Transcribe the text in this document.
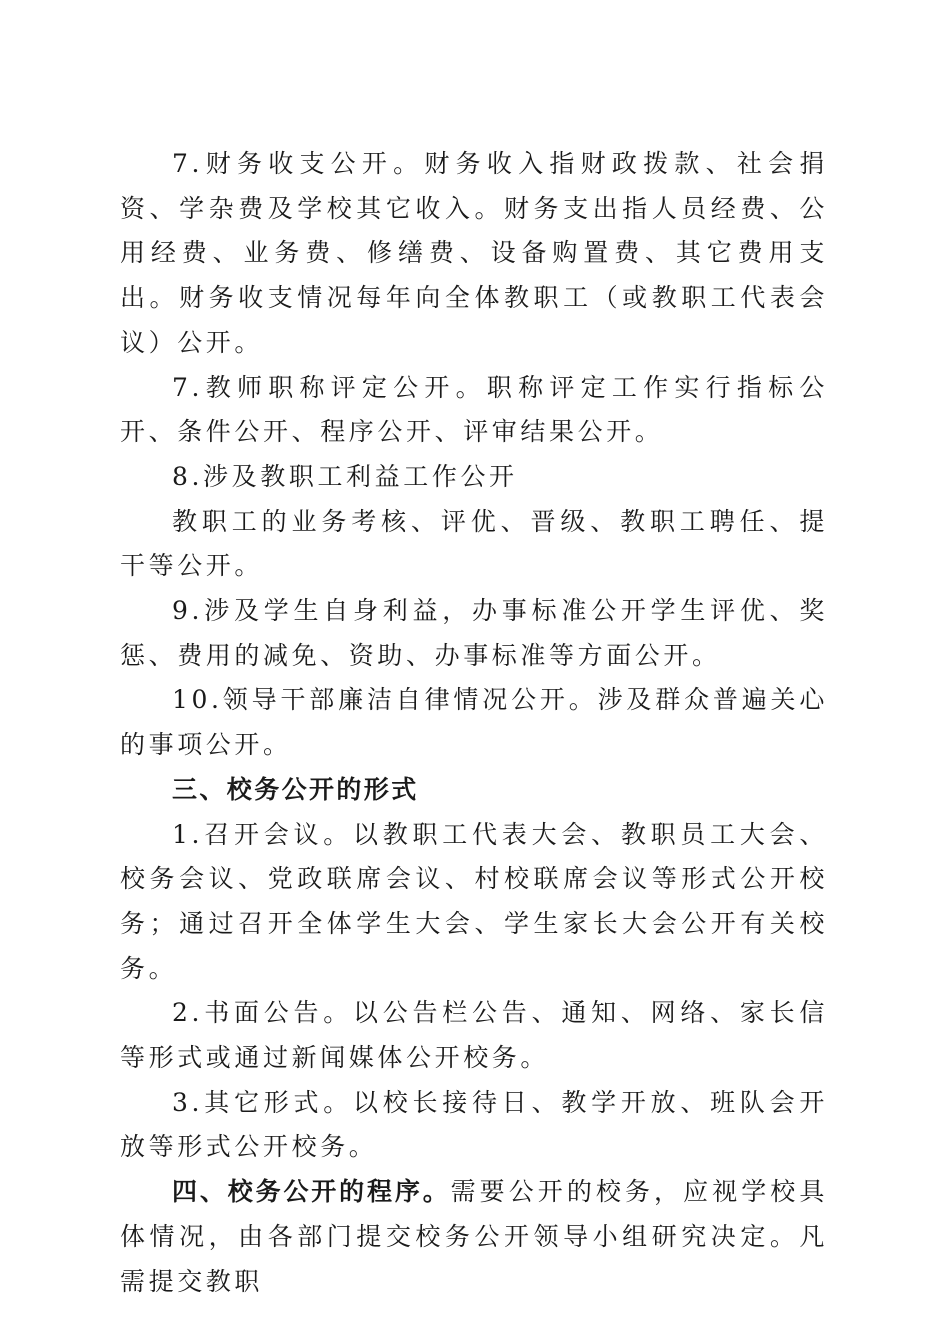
7.财务收支公开。财务收入指财政拨款、社会捐资、学杂费及学校其它收入。财务支出指人员经费、公用经费、业务费、修缮费、设备购置费、其它费用支出。财务收支情况每年向全体教职工（或教职工代表会议）公开。

7.教师职称评定公开。职称评定工作实行指标公开、条件公开、程序公开、评审结果公开。

8.涉及教职工利益工作公开

教职工的业务考核、评优、晋级、教职工聘任、提干等公开。

9.涉及学生自身利益，办事标准公开学生评优、奖惩、费用的减免、资助、办事标准等方面公开。

10.领导干部廉洁自律情况公开。涉及群众普遍关心的事项公开。

三、校务公开的形式

1.召开会议。以教职工代表大会、教职员工大会、校务会议、党政联席会议、村校联席会议等形式公开校务；通过召开全体学生大会、学生家长大会公开有关校务。

2.书面公告。以公告栏公告、通知、网络、家长信等形式或通过新闻媒体公开校务。

3.其它形式。以校长接待日、教学开放、班队会开放等形式公开校务。

四、校务公开的程序。需要公开的校务，应视学校具体情况，由各部门提交校务公开领导小组研究决定。凡需提交教职
